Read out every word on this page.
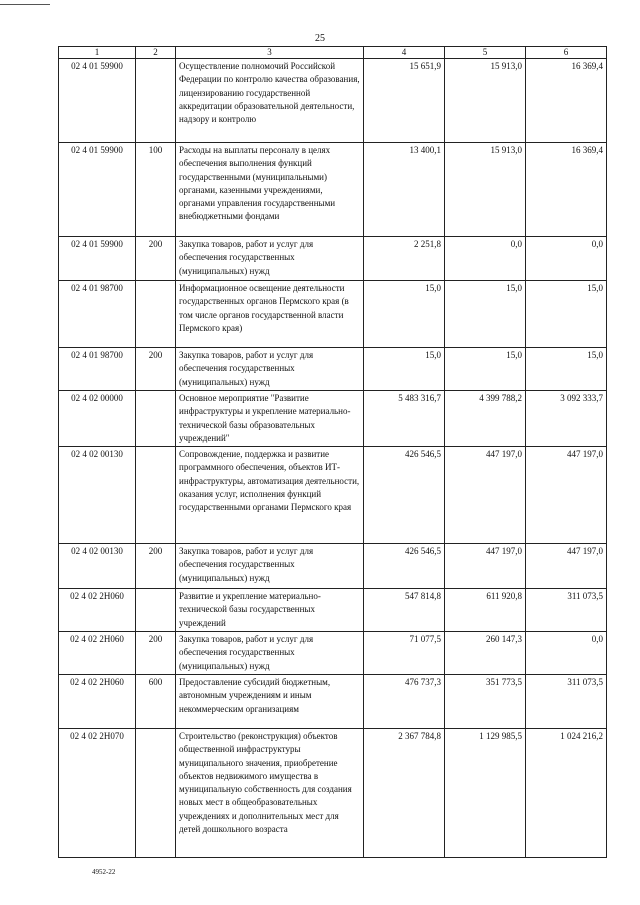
25
1	2	3	4	5	6
02 4 01 59900		Осуществление полномочий Российской Федерации по контролю качества образования, лицензированию государственной аккредитации образовательной деятельности, надзору и контролю	15 651,9	15 913,0	16 369,4
02 4 01 59900	100	Расходы на выплаты персоналу в целях обеспечения выполнения функций государственными (муниципальными) органами, казенными учреждениями, органами управления государственными внебюджетными фондами	13 400,1	15 913,0	16 369,4
02 4 01 59900	200	Закупка товаров, работ и услуг для обеспечения государственных (муниципальных) нужд	2 251,8	0,0	0,0
02 4 01 98700		Информационное освещение деятельности государственных органов Пермского края (в том числе органов государственной власти Пермского края)	15,0	15,0	15,0
02 4 01 98700	200	Закупка товаров, работ и услуг для обеспечения государственных (муниципальных) нужд	15,0	15,0	15,0
02 4 02 00000		Основное мероприятие "Развитие инфраструктуры и укрепление материально-технической базы образовательных учреждений"	5 483 316,7	4 399 788,2	3 092 333,7
02 4 02 00130		Сопровождение, поддержка и развитие программного обеспечения, объектов ИТ-инфраструктуры, автоматизация деятельности, оказания услуг, исполнения функций государственными органами Пермского края	426 546,5	447 197,0	447 197,0
02 4 02 00130	200	Закупка товаров, работ и услуг для обеспечения государственных (муниципальных) нужд	426 546,5	447 197,0	447 197,0
02 4 02 2Н060		Развитие и укрепление материально-технической базы государственных учреждений	547 814,8	611 920,8	311 073,5
02 4 02 2Н060	200	Закупка товаров, работ и услуг для обеспечения государственных (муниципальных) нужд	71 077,5	260 147,3	0,0
02 4 02 2Н060	600	Предоставление субсидий бюджетным, автономным учреждениям и иным некоммерческим организациям	476 737,3	351 773,5	311 073,5
02 4 02 2Н070		Строительство (реконструкция) объектов общественной инфраструктуры муниципального значения, приобретение объектов недвижимого имущества в муниципальную собственность для создания новых мест в общеобразовательных учреждениях и дополнительных мест для детей дошкольного возраста	2 367 784,8	1 129 985,5	1 024 216,2
4952-22
